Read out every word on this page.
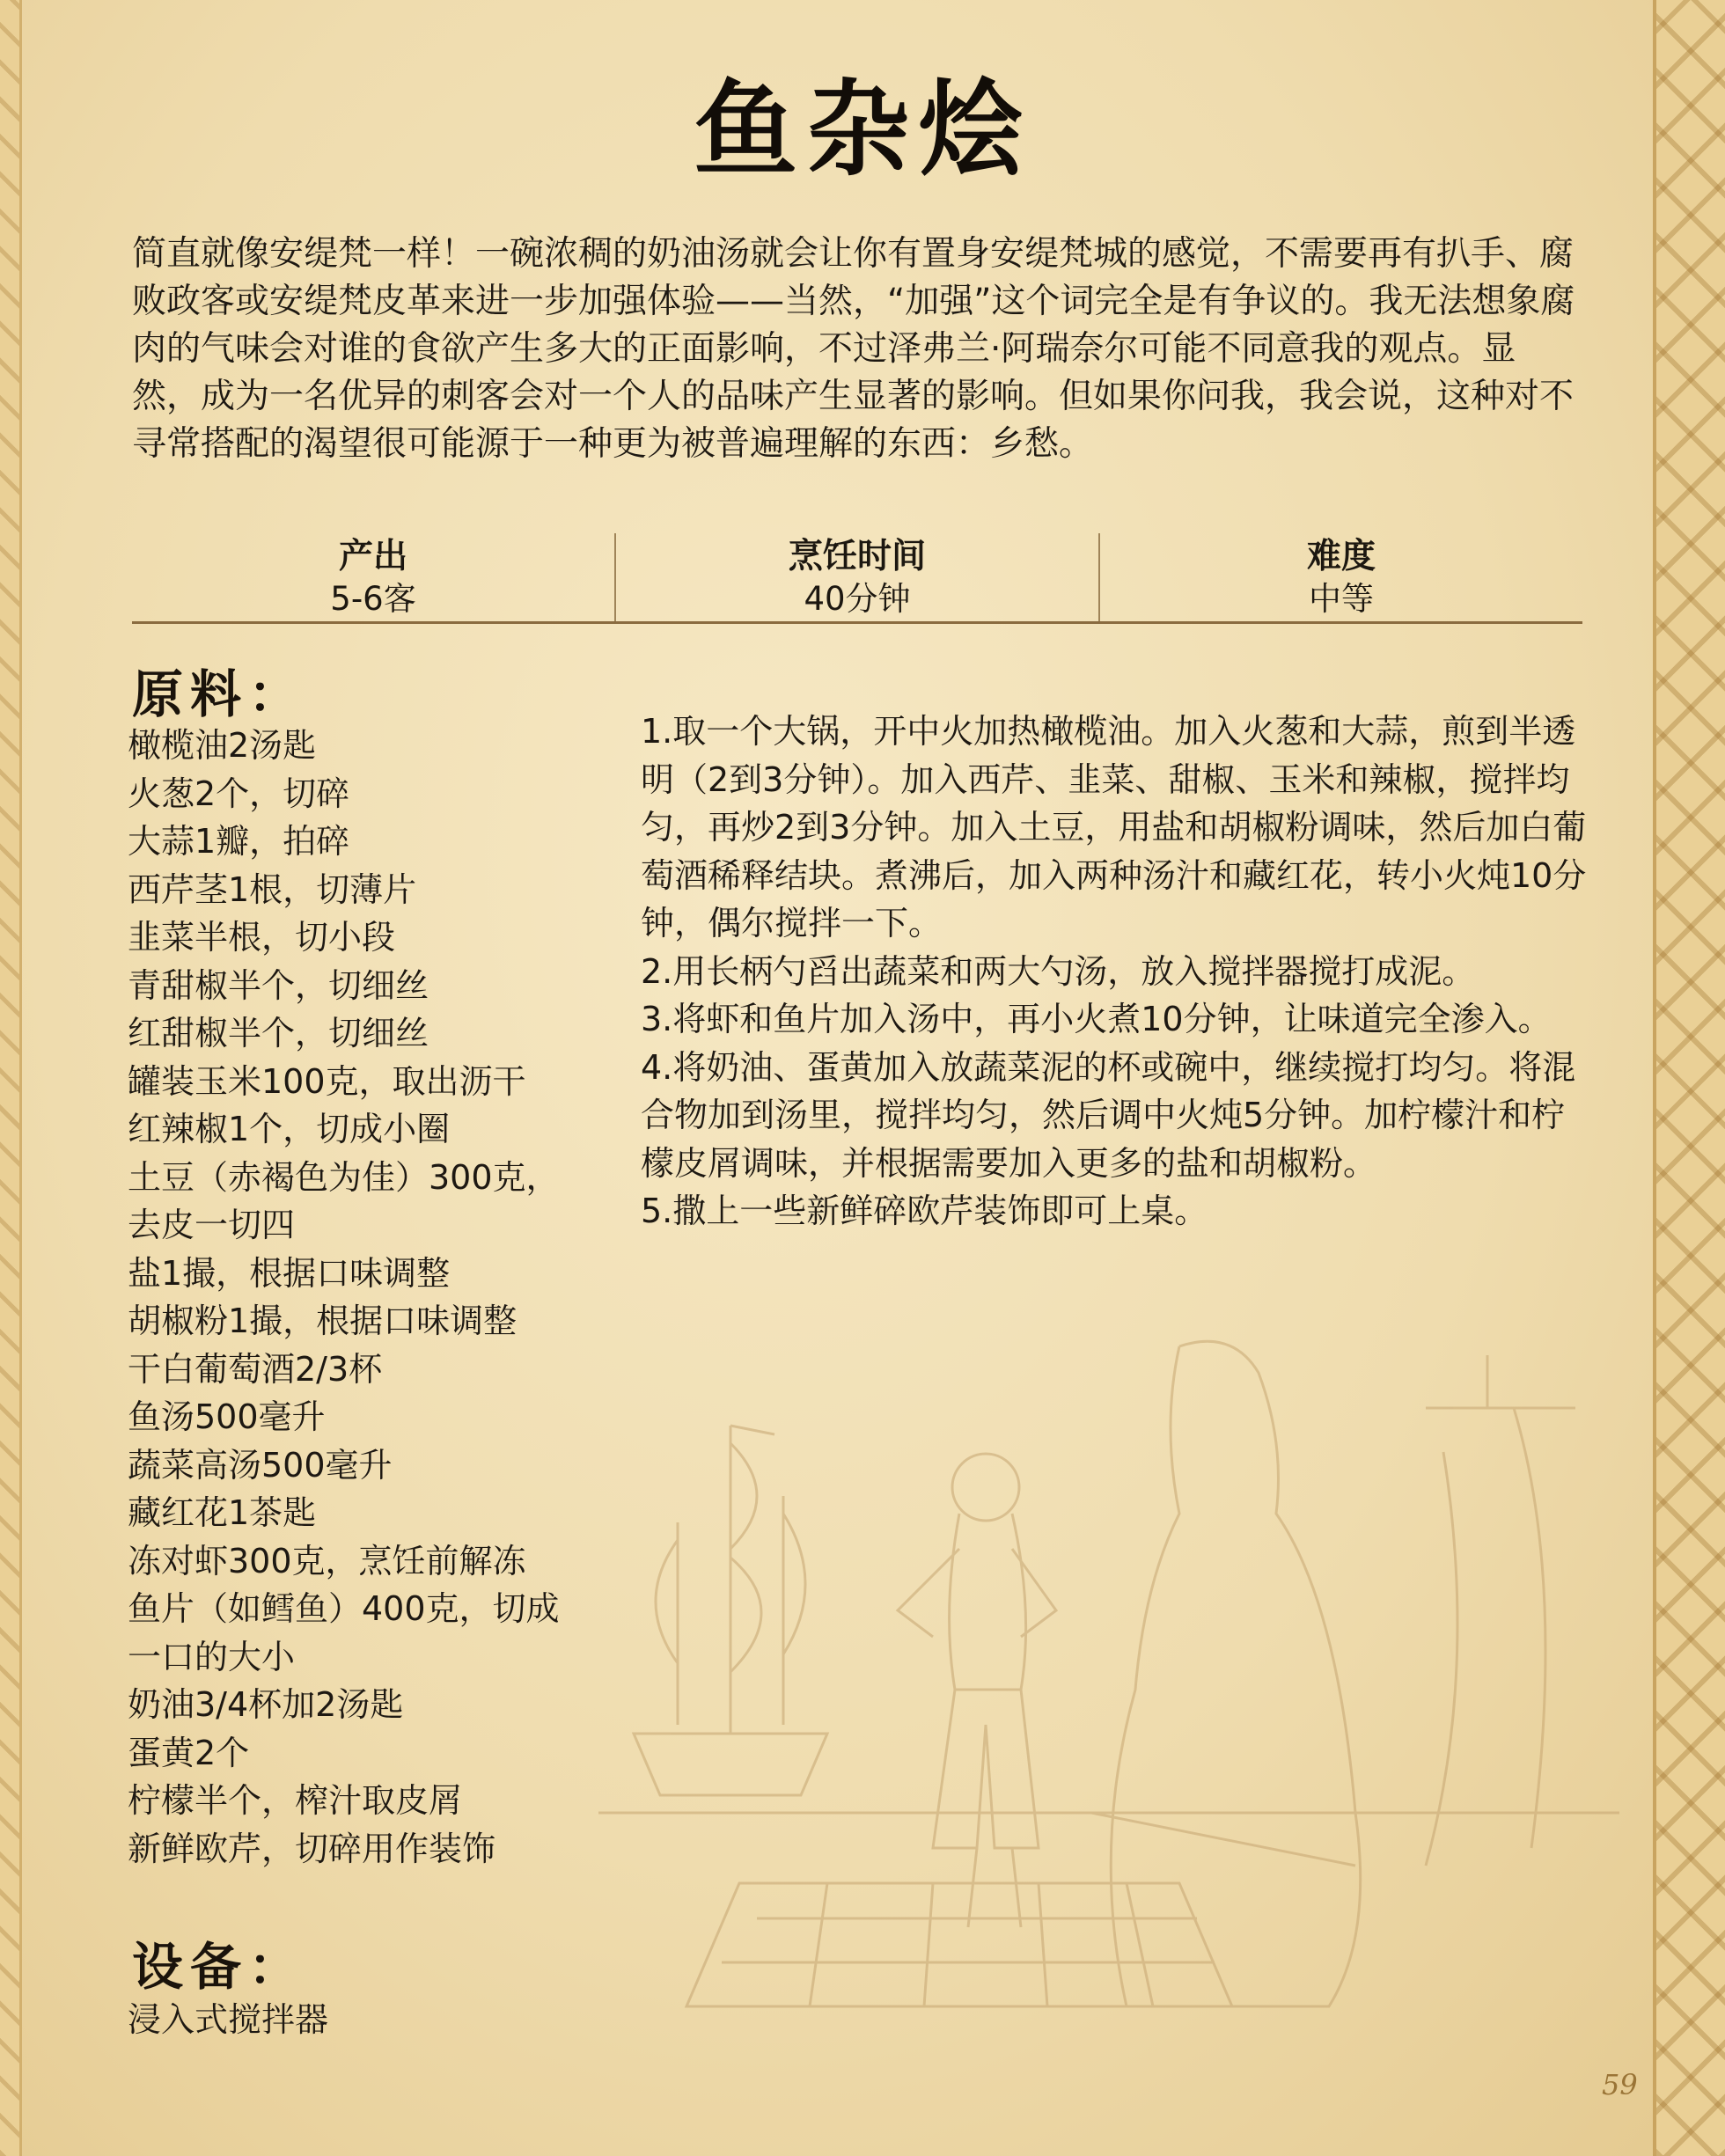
鱼杂烩
简直就像安缇梵一样！一碗浓稠的奶油汤就会让你有置身安缇梵城的感觉，不需要再有扒手、腐败政客或安缇梵皮革来进一步加强体验——当然，“加强”这个词完全是有争议的。我无法想象腐肉的气味会对谁的食欲产生多大的正面影响，不过泽弗兰·阿瑞奈尔可能不同意我的观点。显然，成为一名优异的刺客会对一个人的品味产生显著的影响。但如果你问我，我会说，这种对不寻常搭配的渴望很可能源于一种更为被普遍理解的东西：乡愁。
产出
5-6客
烹饪时间
40分钟
难度
中等
原料：
橄榄油2汤匙
火葱2个，切碎
大蒜1瓣，拍碎
西芹茎1根，切薄片
韭菜半根，切小段
青甜椒半个，切细丝
红甜椒半个，切细丝
罐装玉米100克，取出沥干
红辣椒1个，切成小圈
土豆（赤褐色为佳）300克，去皮一切四
盐1撮，根据口味调整
胡椒粉1撮，根据口味调整
干白葡萄酒2/3杯
鱼汤500毫升
蔬菜高汤500毫升
藏红花1茶匙
冻对虾300克，烹饪前解冻
鱼片（如鳕鱼）400克，切成一口的大小
奶油3/4杯加2汤匙
蛋黄2个
柠檬半个，榨汁取皮屑
新鲜欧芹，切碎用作装饰
1.取一个大锅，开中火加热橄榄油。加入火葱和大蒜，煎到半透明（2到3分钟）。加入西芹、韭菜、甜椒、玉米和辣椒，搅拌均匀，再炒2到3分钟。加入土豆，用盐和胡椒粉调味，然后加白葡萄酒稀释结块。煮沸后，加入两种汤汁和藏红花，转小火炖10分钟，偶尔搅拌一下。
2.用长柄勺舀出蔬菜和两大勺汤，放入搅拌器搅打成泥。
3.将虾和鱼片加入汤中，再小火煮10分钟，让味道完全渗入。
4.将奶油、蛋黄加入放蔬菜泥的杯或碗中，继续搅打均匀。将混合物加到汤里，搅拌均匀，然后调中火炖5分钟。加柠檬汁和柠檬皮屑调味，并根据需要加入更多的盐和胡椒粉。
5.撒上一些新鲜碎欧芹装饰即可上桌。
设备：
浸入式搅拌器
59
